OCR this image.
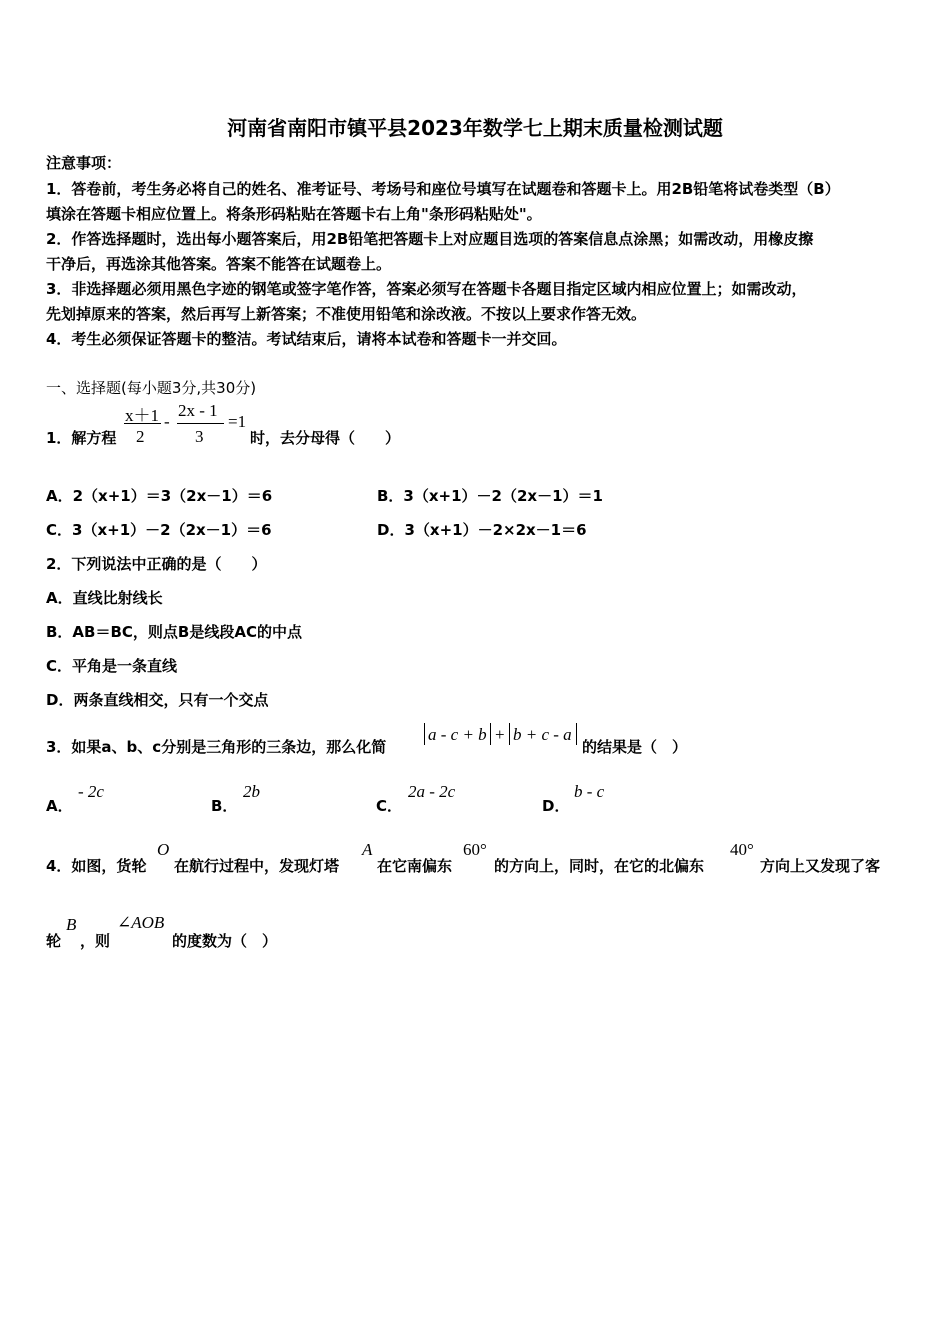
河南省南阳市镇平县2023年数学七上期末质量检测试题
注意事项：
1．答卷前，考生务必将自己的姓名、准考证号、考场号和座位号填写在试题卷和答题卡上。用2B铅笔将试卷类型（B）
填涂在答题卡相应位置上。将条形码粘贴在答题卡右上角"条形码粘贴处"。
2．作答选择题时，选出每小题答案后，用2B铅笔把答题卡上对应题目选项的答案信息点涂黑；如需改动，用橡皮擦
干净后，再选涂其他答案。答案不能答在试题卷上。
3．非选择题必须用黑色字迹的钢笔或签字笔作答，答案必须写在答题卡各题目指定区域内相应位置上；如需改动，
先划掉原来的答案，然后再写上新答案；不准使用铅笔和涂改液。不按以上要求作答无效。
4．考生必须保证答题卡的整洁。考试结束后，请将本试卷和答题卡一并交回。
一、选择题(每小题3分,共30分)
1．解方程
x＋1
2
-
2x - 1
3
=1
时，去分母得（　　）
A．2（x+1）＝3（2x－1）＝6	B．3（x+1）－2（2x－1）＝1
C．3（x+1）－2（2x－1）＝6	D．3（x+1）－2×2x－1＝6
2．下列说法中正确的是（　　）
A．直线比射线长
B．AB＝BC，则点B是线段AC的中点
C．平角是一条直线
D．两条直线相交，只有一个交点
3．如果a、b、c分别是三角形的三条边，那么化简
a - c + b + b + c - a
的结果是（　）
A．
- 2c
B．
2b
C．
2a - 2c
D．
b - c
4．如图，货轮
O
在航行过程中，发现灯塔
A
在它南偏东
60°
的方向上，同时，在它的北偏东
40°
方向上又发现了客
轮
B
，则
∠AOB
的度数为（　）
